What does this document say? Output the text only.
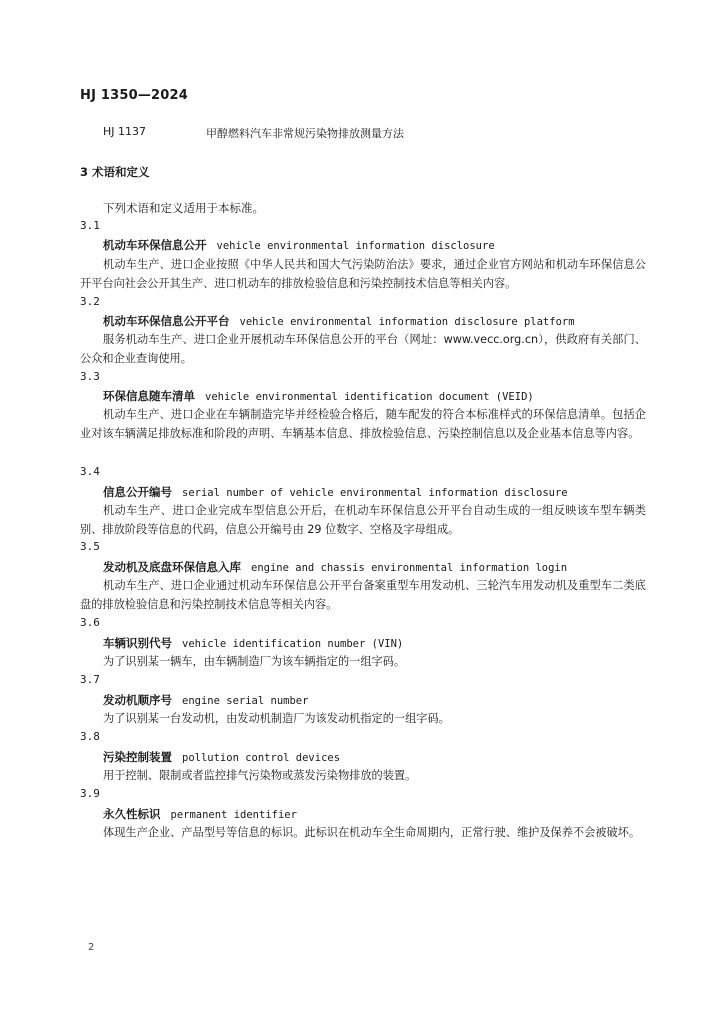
HJ 1350—2024
HJ 1137	甲醇燃料汽车非常规污染物排放测量方法
3 术语和定义
下列术语和定义适用于本标准。
3.1
机动车环保信息公开 vehicle environmental information disclosure
机动车生产、进口企业按照《中华人民共和国大气污染防治法》要求，通过企业官方网站和机动车环保信息公开平台向社会公开其生产、进口机动车的排放检验信息和污染控制技术信息等相关内容。
3.2
机动车环保信息公开平台 vehicle environmental information disclosure platform
服务机动车生产、进口企业开展机动车环保信息公开的平台（网址：www.vecc.org.cn），供政府有关部门、公众和企业查询使用。
3.3
环保信息随车清单 vehicle environmental identification document (VEID)
机动车生产、进口企业在车辆制造完毕并经检验合格后，随车配发的符合本标准样式的环保信息清单。包括企业对该车辆满足排放标准和阶段的声明、车辆基本信息、排放检验信息、污染控制信息以及企业基本信息等内容。
3.4
信息公开编号 serial number of vehicle environmental information disclosure
机动车生产、进口企业完成车型信息公开后，在机动车环保信息公开平台自动生成的一组反映该车型车辆类别、排放阶段等信息的代码，信息公开编号由 29 位数字、空格及字母组成。
3.5
发动机及底盘环保信息入库 engine and chassis environmental information login
机动车生产、进口企业通过机动车环保信息公开平台备案重型车用发动机、三轮汽车用发动机及重型车二类底盘的排放检验信息和污染控制技术信息等相关内容。
3.6
车辆识别代号 vehicle identification number (VIN)
为了识别某一辆车，由车辆制造厂为该车辆指定的一组字码。
3.7
发动机顺序号 engine serial number
为了识别某一台发动机，由发动机制造厂为该发动机指定的一组字码。
3.8
污染控制装置 pollution control devices
用于控制、限制或者监控排气污染物或蒸发污染物排放的装置。
3.9
永久性标识 permanent identifier
体现生产企业、产品型号等信息的标识。此标识在机动车全生命周期内，正常行驶、维护及保养不会被破坏。
2
